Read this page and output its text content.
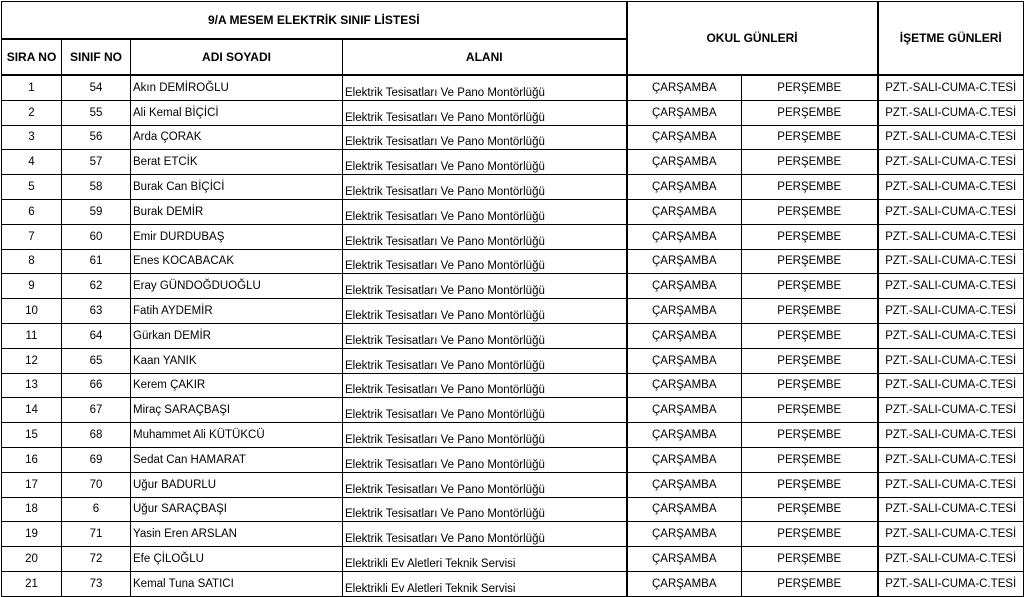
9/A MESEM ELEKTRİK SINIF LİSTESİ				OKUL GÜNLERİ		İŞETME GÜNLERİ
SIRA NO	SINIF NO	ADI SOYADI	ALANI			
1	54	Akın DEMİROĞLU	Elektrik Tesisatları Ve Pano Montörlüğü	ÇARŞAMBA	PERŞEMBE	PZT.-SALI-CUMA-C.TESİ
2	55	Ali Kemal BİÇİCİ	Elektrik Tesisatları Ve Pano Montörlüğü	ÇARŞAMBA	PERŞEMBE	PZT.-SALI-CUMA-C.TESİ
3	56	Arda ÇORAK	Elektrik Tesisatları Ve Pano Montörlüğü	ÇARŞAMBA	PERŞEMBE	PZT.-SALI-CUMA-C.TESİ
4	57	Berat ETCİK	Elektrik Tesisatları Ve Pano Montörlüğü	ÇARŞAMBA	PERŞEMBE	PZT.-SALI-CUMA-C.TESİ
5	58	Burak Can BİÇİCİ	Elektrik Tesisatları Ve Pano Montörlüğü	ÇARŞAMBA	PERŞEMBE	PZT.-SALI-CUMA-C.TESİ
6	59	Burak DEMİR	Elektrik Tesisatları Ve Pano Montörlüğü	ÇARŞAMBA	PERŞEMBE	PZT.-SALI-CUMA-C.TESİ
7	60	Emir DURDUBAŞ	Elektrik Tesisatları Ve Pano Montörlüğü	ÇARŞAMBA	PERŞEMBE	PZT.-SALI-CUMA-C.TESİ
8	61	Enes KOCABACAK	Elektrik Tesisatları Ve Pano Montörlüğü	ÇARŞAMBA	PERŞEMBE	PZT.-SALI-CUMA-C.TESİ
9	62	Eray GÜNDOĞDUOĞLU	Elektrik Tesisatları Ve Pano Montörlüğü	ÇARŞAMBA	PERŞEMBE	PZT.-SALI-CUMA-C.TESİ
10	63	Fatih AYDEMİR	Elektrik Tesisatları Ve Pano Montörlüğü	ÇARŞAMBA	PERŞEMBE	PZT.-SALI-CUMA-C.TESİ
11	64	Gürkan DEMİR	Elektrik Tesisatları Ve Pano Montörlüğü	ÇARŞAMBA	PERŞEMBE	PZT.-SALI-CUMA-C.TESİ
12	65	Kaan YANIK	Elektrik Tesisatları Ve Pano Montörlüğü	ÇARŞAMBA	PERŞEMBE	PZT.-SALI-CUMA-C.TESİ
13	66	Kerem ÇAKIR	Elektrik Tesisatları Ve Pano Montörlüğü	ÇARŞAMBA	PERŞEMBE	PZT.-SALI-CUMA-C.TESİ
14	67	Miraç SARAÇBAŞI	Elektrik Tesisatları Ve Pano Montörlüğü	ÇARŞAMBA	PERŞEMBE	PZT.-SALI-CUMA-C.TESİ
15	68	Muhammet Ali KÜTÜKCÜ	Elektrik Tesisatları Ve Pano Montörlüğü	ÇARŞAMBA	PERŞEMBE	PZT.-SALI-CUMA-C.TESİ
16	69	Sedat Can HAMARAT	Elektrik Tesisatları Ve Pano Montörlüğü	ÇARŞAMBA	PERŞEMBE	PZT.-SALI-CUMA-C.TESİ
17	70	Uğur BADURLU	Elektrik Tesisatları Ve Pano Montörlüğü	ÇARŞAMBA	PERŞEMBE	PZT.-SALI-CUMA-C.TESİ
18	6	Uğur SARAÇBAŞI	Elektrik Tesisatları Ve Pano Montörlüğü	ÇARŞAMBA	PERŞEMBE	PZT.-SALI-CUMA-C.TESİ
19	71	Yasin Eren ARSLAN	Elektrik Tesisatları Ve Pano Montörlüğü	ÇARŞAMBA	PERŞEMBE	PZT.-SALI-CUMA-C.TESİ
20	72	Efe ÇİLOĞLU	Elektrikli Ev Aletleri Teknik Servisi	ÇARŞAMBA	PERŞEMBE	PZT.-SALI-CUMA-C.TESİ
21	73	Kemal Tuna SATICI	Elektrikli Ev Aletleri Teknik Servisi	ÇARŞAMBA	PERŞEMBE	PZT.-SALI-CUMA-C.TESİ
